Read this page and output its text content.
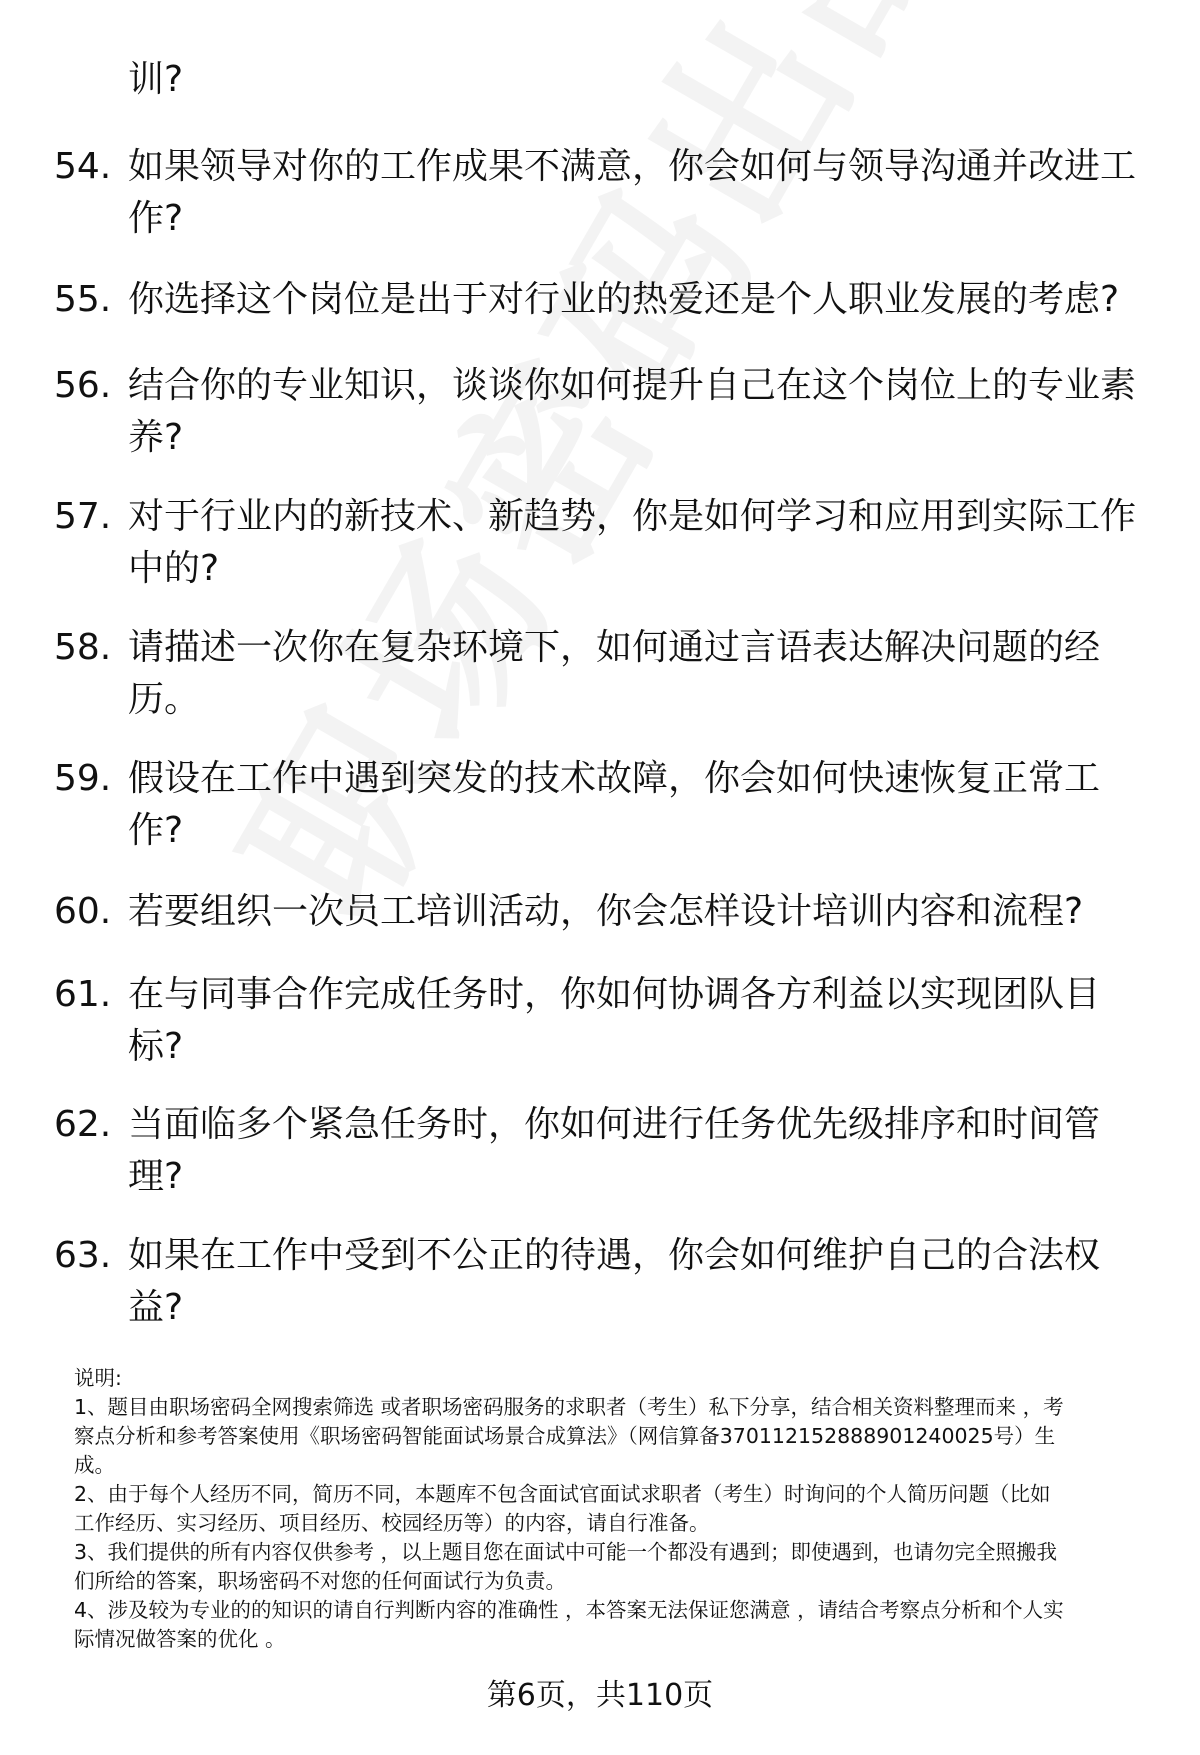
训?
54. 如果领导对你的工作成果不满意，你会如何与领导沟通并改进工
作?
55. 你选择这个岗位是出于对行业的热爱还是个人职业发展的考虑?
56. 结合你的专业知识，谈谈你如何提升自己在这个岗位上的专业素
养?
57. 对于行业内的新技术、新趋势，你是如何学习和应用到实际工作
中的?
58. 请描述一次你在复杂环境下，如何通过言语表达解决问题的经
历。
59. 假设在工作中遇到突发的技术故障，你会如何快速恢复正常工
作?
60. 若要组织一次员工培训活动，你会怎样设计培训内容和流程?
61. 在与同事合作完成任务时，你如何协调各方利益以实现团队目
标?
62. 当面临多个紧急任务时，你如何进行任务优先级排序和时间管
理?
63. 如果在工作中受到不公正的待遇，你会如何维护自己的合法权
益?

说明:

1、题目由职场密码全网搜索筛选 或者职场密码服务的求职者（考生）私下分享，结合相关资料整理而来 ，考

察点分析和参考答案使用《职场密码智能面试场景合成算法》（网信算备370112152888901240025号）生

成。

2、由于每个人经历不同，简历不同，本题库不包含面试官面试求职者（考生）时询问的个人简历问题（比如

工作经历、实习经历、项目经历、校园经历等）的内容，请自行准备。

3、我们提供的所有内容仅供参考 ，以上题目您在面试中可能一个都没有遇到；即使遇到，也请勿完全照搬我

们所给的答案，职场密码不对您的任何面试行为负责。

4、涉及较为专业的的知识的请自行判断内容的准确性 ，本答案无法保证您满意 ，请结合考察点分析和个人实

际情况做答案的优化 。

第6页，共110页
